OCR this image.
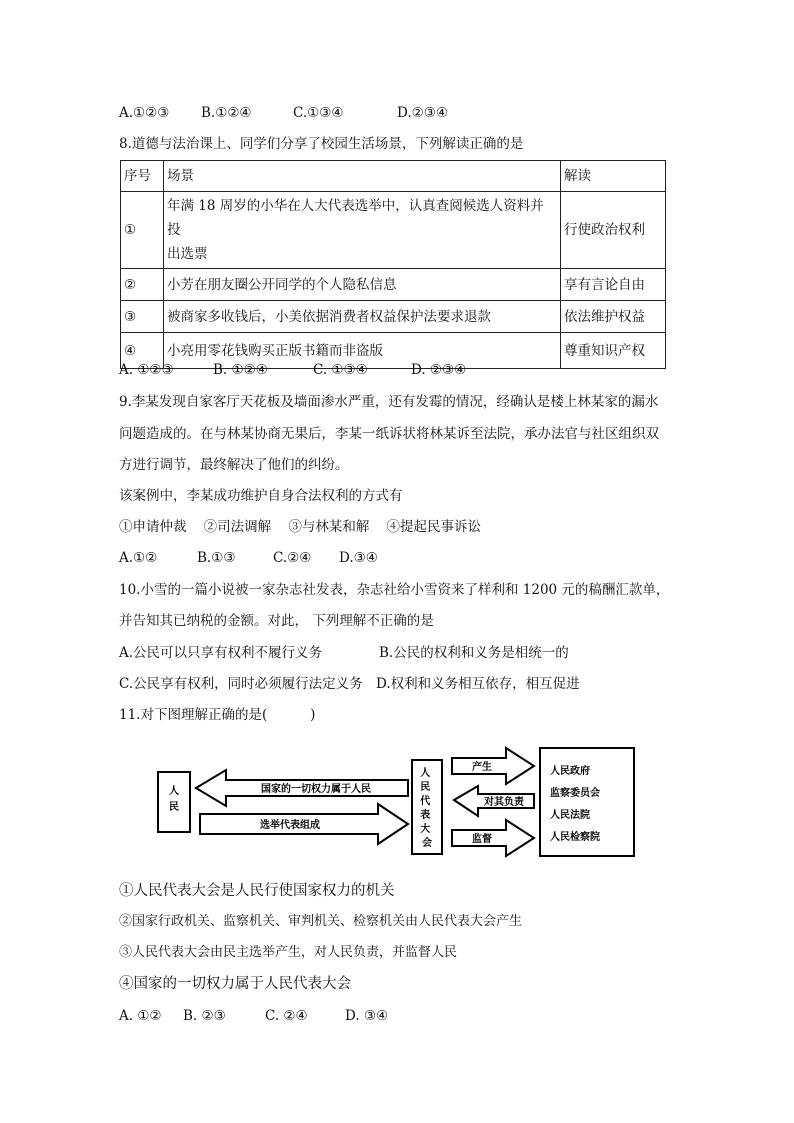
A.①②③ B.①②④	C.①③④	D.②③④
8.道德与法治课上、同学们分享了校园生活场景，下列解读正确的是
序号	场景	解读
①	年满 18 周岁的小华在人大代表选举中，认真查阅候选人资料并投
出选票	行使政治权利
②	小芳在朋友圈公开同学的个人隐私信息	享有言论自由
③	被商家多收钱后，小美依据消费者权益保护法要求退款	依法维护权益
④	小亮用零花钱购买正版书籍而非盗版	尊重知识产权
A. ①②③	B. ①②④	C. ①③④	D. ②③④
9.李某发现自家客厅天花板及墙面渗水严重，还有发霉的情况，经确认是楼上林某家的漏水
问题造成的。在与林某协商无果后，李某一纸诉状将林某诉至法院，承办法官与社区组织双
方进行调节，最终解决了他们的纠纷。
该案例中，李某成功维护自身合法权利的方式有
①申请仲裁    ②司法调解    ③与林某和解    ④提起民事诉讼
A.①②	B.①③	C.②④ D.③④
10.小雪的一篇小说被一家杂志社发表，杂志社给小雪资来了样利和 1200 元的稿酬汇款单，
并告知其已纳税的金额。对此， 下列理解不正确的是
A.公民可以只享有权利不履行义务	B.公民的权利和义务是相统一的
C.公民享有权利，同时必须履行法定义务 D.权利和义务相互依存，相互促进
11.对下图理解正确的是(          )
人民
国家的一切权力属于人民
选举代表组成
人 民 代 表 大 会
产生
对其负责
监督
人民政府
监察委员会
人民法院
人民检察院
①人民代表大会是人民行使国家权力的机关
②国家行政机关、监察机关、审判机关、检察机关由人民代表大会产生
③人民代表大会由民主选举产生，对人民负责，并监督人民
④国家的一切权力属于人民代表大会
A. ①② B. ②③	C. ②④	D. ③④
